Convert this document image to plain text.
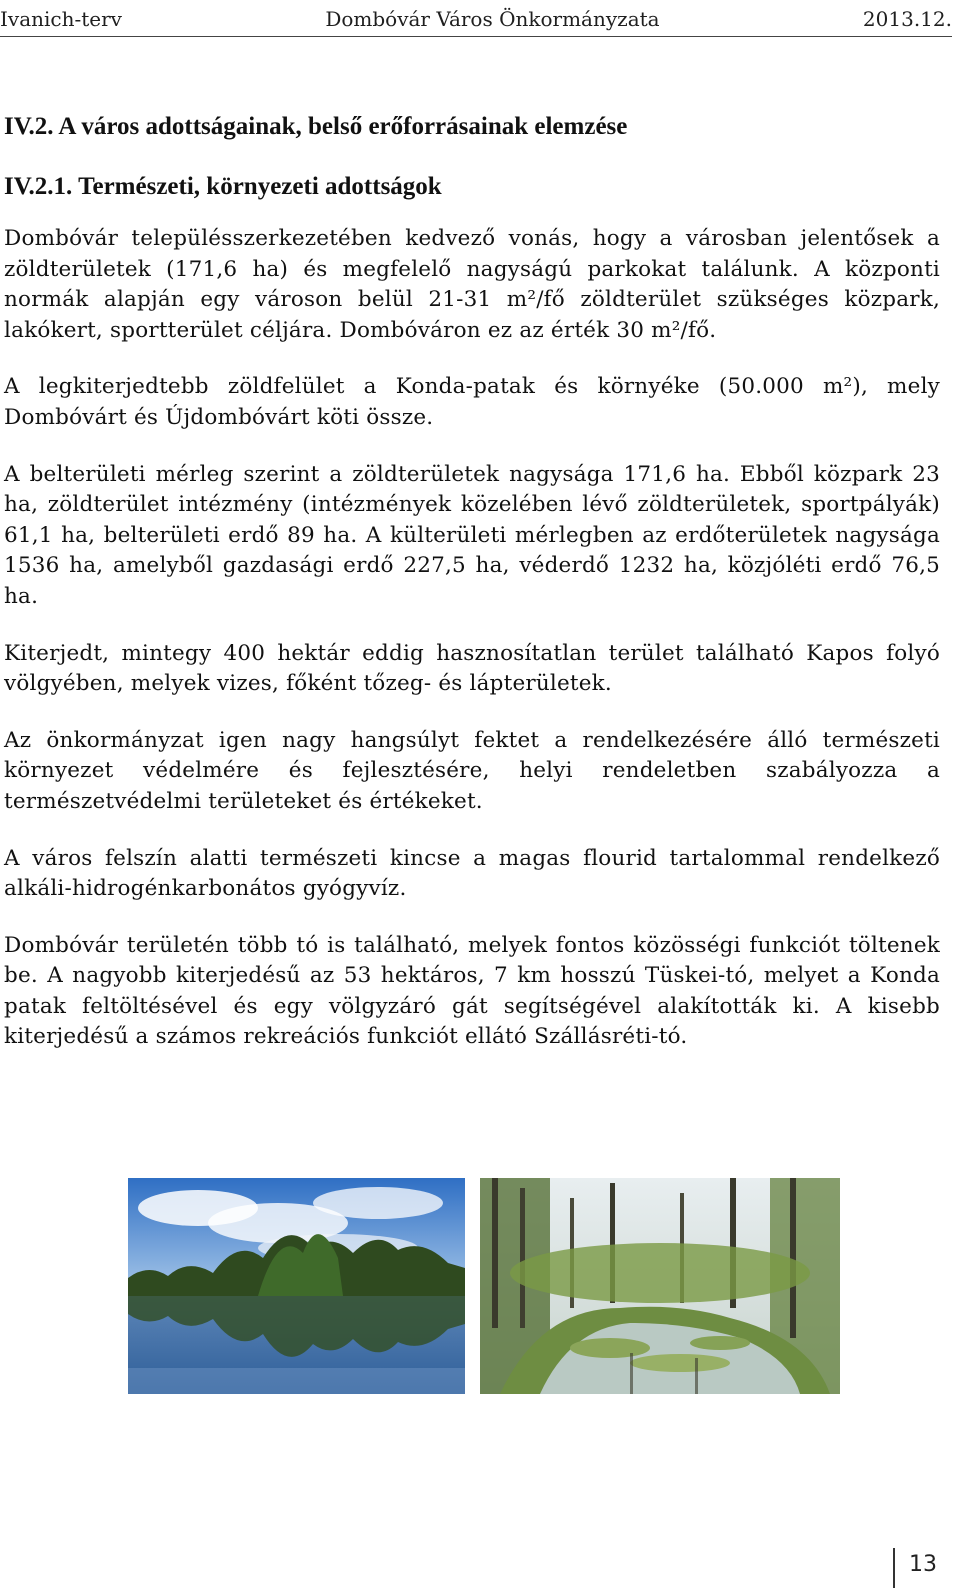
Ivanich-terv	Dombóvár Város Önkormányzata	2013.12.
IV.2. A város adottságainak, belső erőforrásainak elemzése
IV.2.1. Természeti, környezeti adottságok

Dombóvár településszerkezetében kedvező vonás, hogy a városban jelentősek a zöldterületek (171,6 ha) és megfelelő nagyságú parkokat találunk. A központi normák alapján egy városon belül 21-31 m²/fő zöldterület szükséges közpark, lakókert, sportterület céljára. Dombóváron ez az érték 30 m²/fő.

A legkiterjedtebb zöldfelület a Konda-patak és környéke (50.000 m²), mely Dombóvárt és Újdombóvárt köti össze.

A belterületi mérleg szerint a zöldterületek nagysága 171,6 ha. Ebből közpark 23 ha, zöldterület intézmény (intézmények közelében lévő zöldterületek, sportpályák) 61,1 ha, belterületi erdő 89 ha. A külterületi mérlegben az erdőterületek nagysága 1536 ha, amelyből gazdasági erdő 227,5 ha, véderdő 1232 ha, közjóléti erdő 76,5 ha.

Kiterjedt, mintegy 400 hektár eddig hasznosítatlan terület található Kapos folyó völgyében, melyek vizes, főként tőzeg- és lápterületek.

Az önkormányzat igen nagy hangsúlyt fektet a rendelkezésére álló természeti környezet védelmére és fejlesztésére, helyi rendeletben szabályozza a természetvédelmi területeket és értékeket.

A város felszín alatti természeti kincse a magas flourid tartalommal rendelkező alkáli-hidrogénkarbonátos gyógyvíz.

Dombóvár területén több tó is található, melyek fontos közösségi funkciót töltenek be. A nagyobb kiterjedésű az 53 hektáros, 7 km hosszú Tüskei-tó, melyet a Konda patak feltöltésével és egy völgyzáró gát segítségével alakították ki. A kisebb kiterjedésű a számos rekreációs funkciót ellátó Szállásréti-tó.

13
